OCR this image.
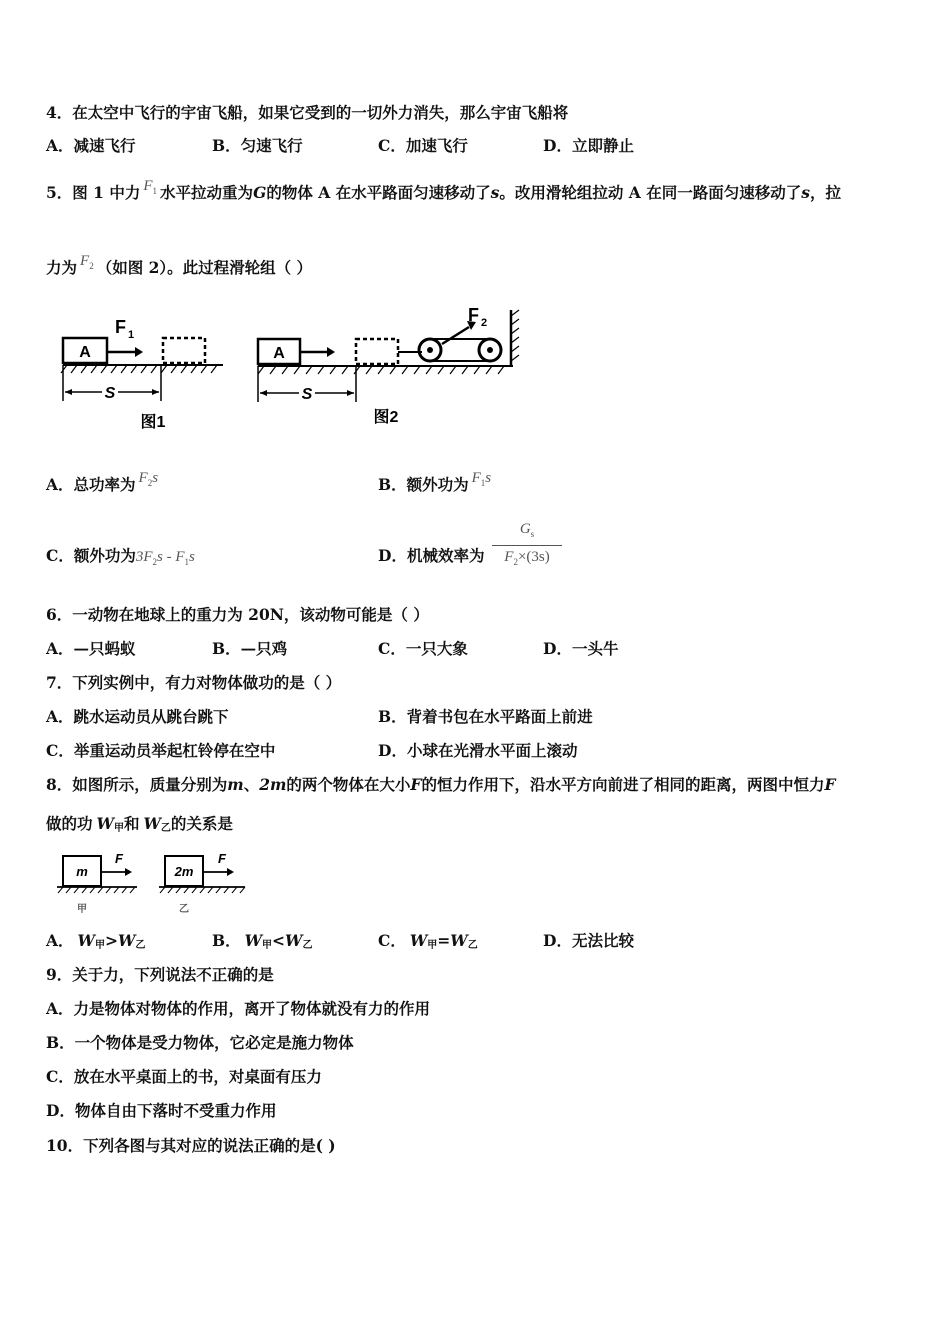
4．在太空中飞行的宇宙飞船，如果它受到的一切外力消失，那么宇宙飞船将
A．减速飞行	B．匀速飞行	C．加速飞行	D．立即静止
5．图 1 中力 $F_1$ 水平拉动重为G的物体 A 在水平路面匀速移动了s。改用滑轮组拉动 A 在同一路面匀速移动了s，拉
力为 $F_2$ （如图 2）。此过程滑轮组（ ）
A
F 1
S
图1
A
F 2
S
图2
A．总功率为 $F_2s$	B．额外功为 $F_1s$
C．额外功为$3F_2s - F_1s$	D．机械效率为
$G_s$
$F_2\times(3s)$
6．一动物在地球上的重力为 20N，该动物可能是（ ）
A．—只蚂蚁	B．—只鸡	C．一只大象	D．一头牛
7．下列实例中，有力对物体做功的是（ ）
A．跳水运动员从跳台跳下	B．背着书包在水平路面上前进
C．举重运动员举起杠铃停在空中	D．小球在光滑水平面上滚动
8．如图所示，质量分别为m、2m的两个物体在大小F的恒力作用下，沿水平方向前进了相同的距离，两图中恒力F
做的功 $W_甲$和 $W_乙$的关系是
m
F
甲
2m
F
乙
A． $W_甲>W_乙$	B． $W_甲<W_乙$	C． $W_甲=W_乙$	D．无法比较
9．关于力，下列说法不正确的是
A．力是物体对物体的作用，离开了物体就没有力的作用
B．一个物体是受力物体，它必定是施力物体
C．放在水平桌面上的书，对桌面有压力
D．物体自由下落时不受重力作用
10．下列各图与其对应的说法正确的是( )
